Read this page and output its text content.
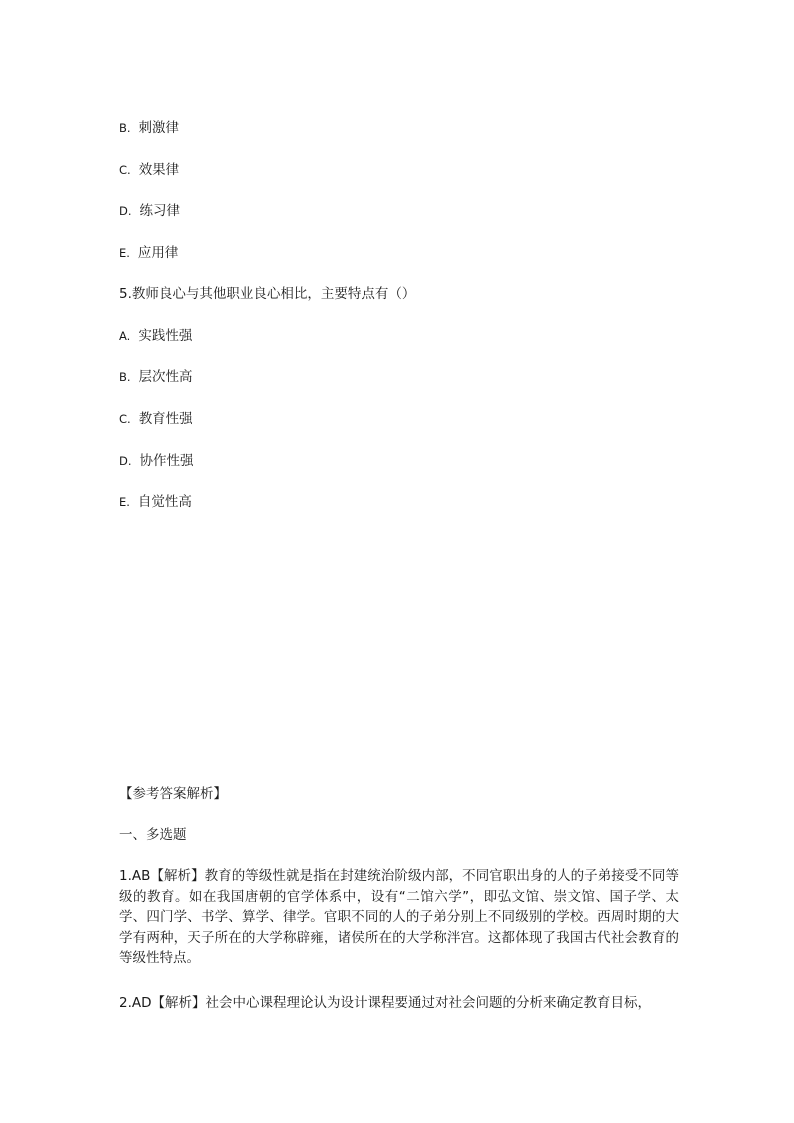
B. 刺激律
C. 效果律
D. 练习律
E. 应用律
5.教师良心与其他职业良心相比，主要特点有（）
A. 实践性强
B. 层次性高
C. 教育性强
D. 协作性强
E. 自觉性高
【参考答案解析】
一、多选题
1.AB【解析】教育的等级性就是指在封建统治阶级内部，不同官职出身的人的子弟接受不同等级的教育。如在我国唐朝的官学体系中，设有“二馆六学”，即弘文馆、崇文馆、国子学、太学、四门学、书学、算学、律学。官职不同的人的子弟分别上不同级别的学校。西周时期的大学有两种，天子所在的大学称辟雍，诸侯所在的大学称泮宫。这都体现了我国古代社会教育的等级性特点。
2.AD【解析】社会中心课程理论认为设计课程要通过对社会问题的分析来确定教育目标，
